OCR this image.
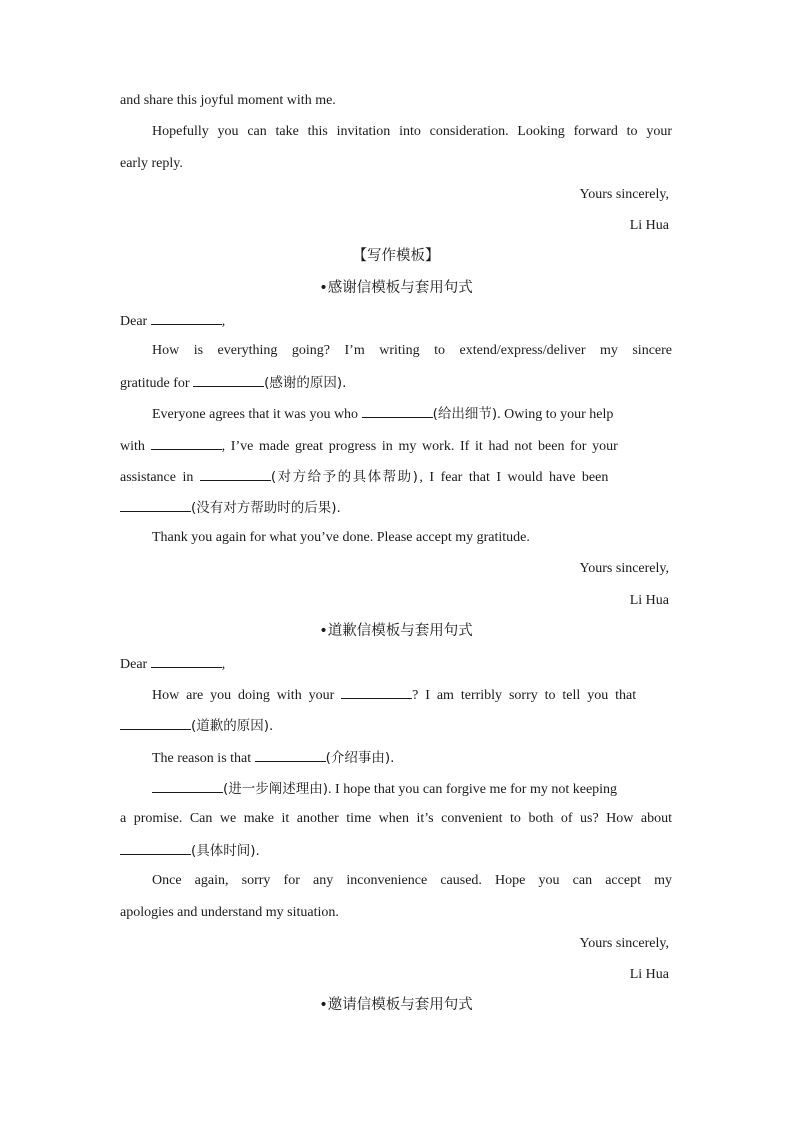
and share this joyful moment with me.
Hopefully you can take this invitation into consideration. Looking forward to your
early reply.
Yours sincerely,
Li Hua
【写作模板】
•感谢信模板与套用句式
Dear	,
How is everything going? I’m writing to extend/express/deliver my sincere
gratitude for	(感谢的原因).
Everyone agrees that it was you who	(给出细节). Owing to your help
with	, I’ve made great progress in my work. If it had not been for your
assistance in	(对方给予的具体帮助), I fear that I would have been
(没有对方帮助时的后果).
Thank you again for what you’ve done. Please accept my gratitude.
Yours sincerely,
Li Hua
•道歉信模板与套用句式
Dear	,
How are you doing with your	? I am terribly sorry to tell you that
(道歉的原因).
The reason is that	(介绍事由).
(进一步阐述理由). I hope that you can forgive me for my not keeping
a promise. Can we make it another time when it’s convenient to both of us? How about
(具体时间).
Once again, sorry for any inconvenience caused. Hope you can accept my
apologies and understand my situation.
Yours sincerely,
Li Hua
•邀请信模板与套用句式
